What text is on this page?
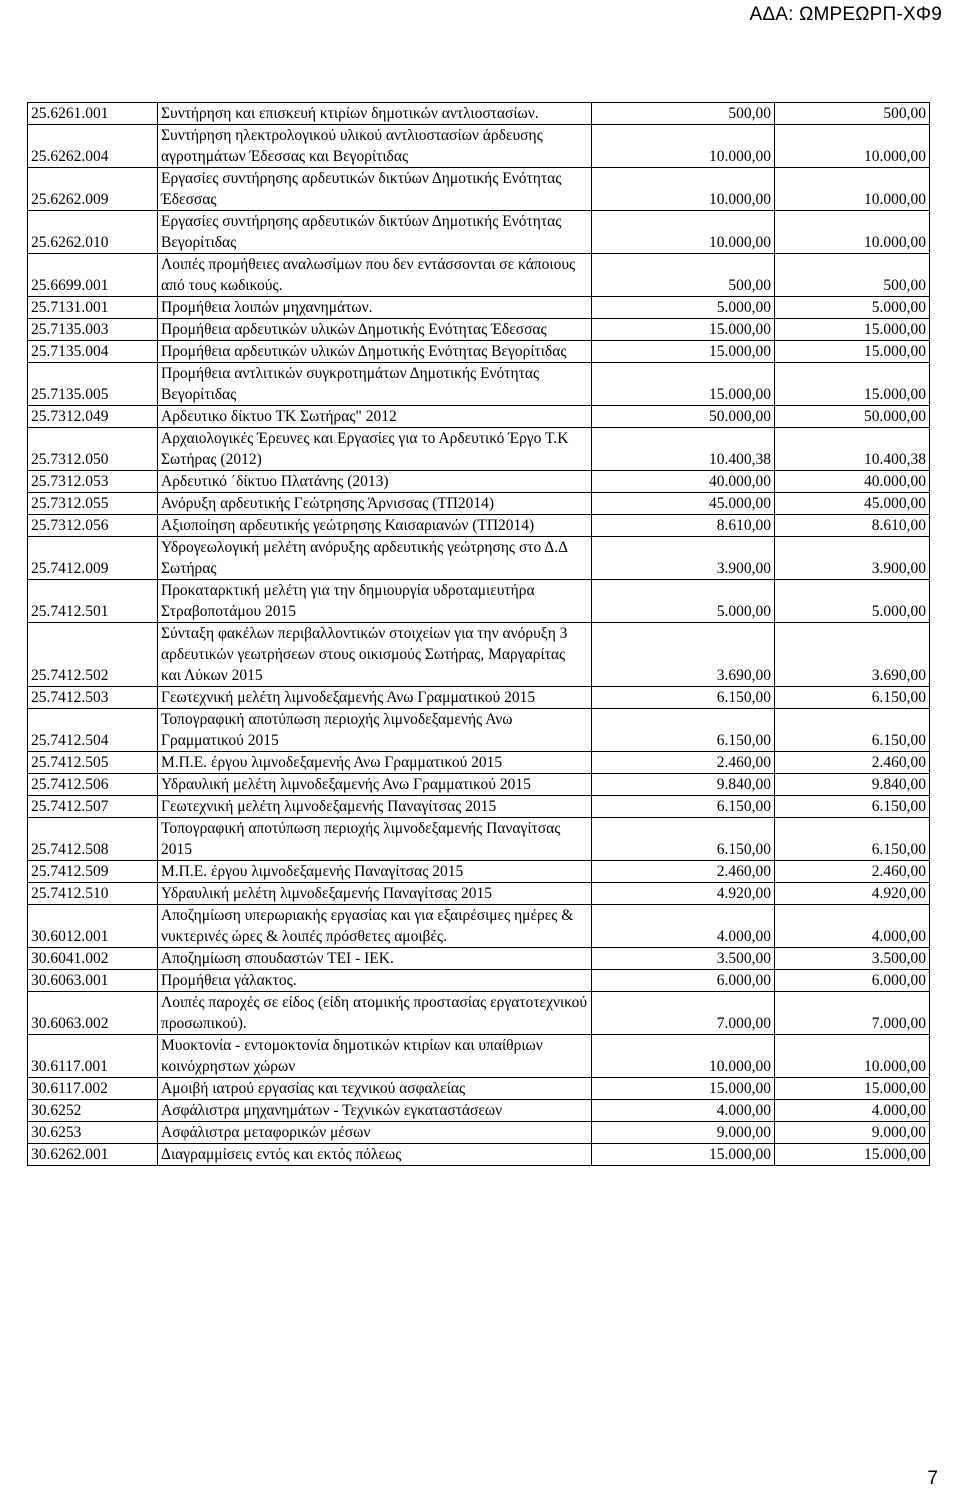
ΑΔΑ: ΩΜΡΕΩΡΠ-ΧΦ9
25.6261.001	Συντήρηση και επισκευή κτιρίων δημοτικών αντλιοστασίων.	500,00	500,00
25.6262.004	Συντήρηση ηλεκτρολογικού υλικού αντλιοστασίων άρδευσης αγροτημάτων Έδεσσας και Βεγορίτιδας	10.000,00	10.000,00
25.6262.009	Εργασίες συντήρησης αρδευτικών δικτύων Δημοτικής Ενότητας Έδεσσας	10.000,00	10.000,00
25.6262.010	Εργασίες συντήρησης αρδευτικών δικτύων Δημοτικής Ενότητας Βεγορίτιδας	10.000,00	10.000,00
25.6699.001	Λοιπές προμήθειες αναλωσίμων που δεν εντάσσονται σε κάποιους από τους κωδικούς.	500,00	500,00
25.7131.001	Προμήθεια λοιπών μηχανημάτων.	5.000,00	5.000,00
25.7135.003	Προμήθεια αρδευτικών υλικών Δημοτικής Ενότητας Έδεσσας	15.000,00	15.000,00
25.7135.004	Προμήθεια αρδευτικών υλικών Δημοτικής Ενότητας Βεγορίτιδας	15.000,00	15.000,00
25.7135.005	Προμήθεια αντλιτικών συγκροτημάτων Δημοτικής Ενότητας Βεγορίτιδας	15.000,00	15.000,00
25.7312.049	Αρδευτικο δίκτυο ΤΚ Σωτήρας" 2012	50.000,00	50.000,00
25.7312.050	Αρχαιολογικές Έρευνες και Εργασίες για το Αρδευτικό Έργο Τ.Κ Σωτήρας (2012)	10.400,38	10.400,38
25.7312.053	Αρδευτικό ΄δίκτυο Πλατάνης (2013)	40.000,00	40.000,00
25.7312.055	Ανόρυξη αρδευτικής Γεώτρησης Άρνισσας (ΤΠ2014)	45.000,00	45.000,00
25.7312.056	Αξιοποίηση αρδευτικής γεώτρησης Καισαριανών (ΤΠ2014)	8.610,00	8.610,00
25.7412.009	Υδρογεωλογική μελέτη ανόρυξης αρδευτικής γεώτρησης στο Δ.Δ Σωτήρας	3.900,00	3.900,00
25.7412.501	Προκαταρκτική μελέτη για την δημιουργία υδροταμιευτήρα Στραβοποτάμου 2015	5.000,00	5.000,00
25.7412.502	Σύνταξη φακέλων περιβαλλοντικών στοιχείων για την ανόρυξη 3 αρδευτικών γεωτρήσεων στους οικισμούς Σωτήρας, Μαργαρίτας και Λύκων 2015	3.690,00	3.690,00
25.7412.503	Γεωτεχνική μελέτη λιμνοδεξαμενής Ανω Γραμματικού 2015	6.150,00	6.150,00
25.7412.504	Τοπογραφική αποτύπωση περιοχής λιμνοδεξαμενής Ανω Γραμματικού 2015	6.150,00	6.150,00
25.7412.505	Μ.Π.Ε. έργου λιμνοδεξαμενής Ανω Γραμματικού 2015	2.460,00	2.460,00
25.7412.506	Υδραυλική μελέτη λιμνοδεξαμενής Ανω Γραμματικού 2015	9.840,00	9.840,00
25.7412.507	Γεωτεχνική μελέτη λιμνοδεξαμενής Παναγίτσας 2015	6.150,00	6.150,00
25.7412.508	Τοπογραφική αποτύπωση περιοχής λιμνοδεξαμενής Παναγίτσας 2015	6.150,00	6.150,00
25.7412.509	Μ.Π.Ε. έργου λιμνοδεξαμενής Παναγίτσας 2015	2.460,00	2.460,00
25.7412.510	Υδραυλική μελέτη λιμνοδεξαμενής Παναγίτσας 2015	4.920,00	4.920,00
30.6012.001	Αποζημίωση υπερωριακής εργασίας και για εξαιρέσιμες ημέρες & νυκτερινές ώρες & λοιπές πρόσθετες αμοιβές.	4.000,00	4.000,00
30.6041.002	Αποζημίωση σπουδαστών ΤΕΙ - ΙΕΚ.	3.500,00	3.500,00
30.6063.001	Προμήθεια γάλακτος.	6.000,00	6.000,00
30.6063.002	Λοιπές παροχές σε είδος (είδη ατομικής προστασίας εργατοτεχνικού προσωπικού).	7.000,00	7.000,00
30.6117.001	Μυοκτονία - εντομοκτονία δημοτικών κτιρίων και υπαίθριων κοινόχρηστων χώρων	10.000,00	10.000,00
30.6117.002	Αμοιβή ιατρού εργασίας και τεχνικού ασφαλείας	15.000,00	15.000,00
30.6252	Ασφάλιστρα μηχανημάτων - Τεχνικών εγκαταστάσεων	4.000,00	4.000,00
30.6253	Ασφάλιστρα μεταφορικών μέσων	9.000,00	9.000,00
30.6262.001	Διαγραμμίσεις εντός και εκτός πόλεως	15.000,00	15.000,00
7
